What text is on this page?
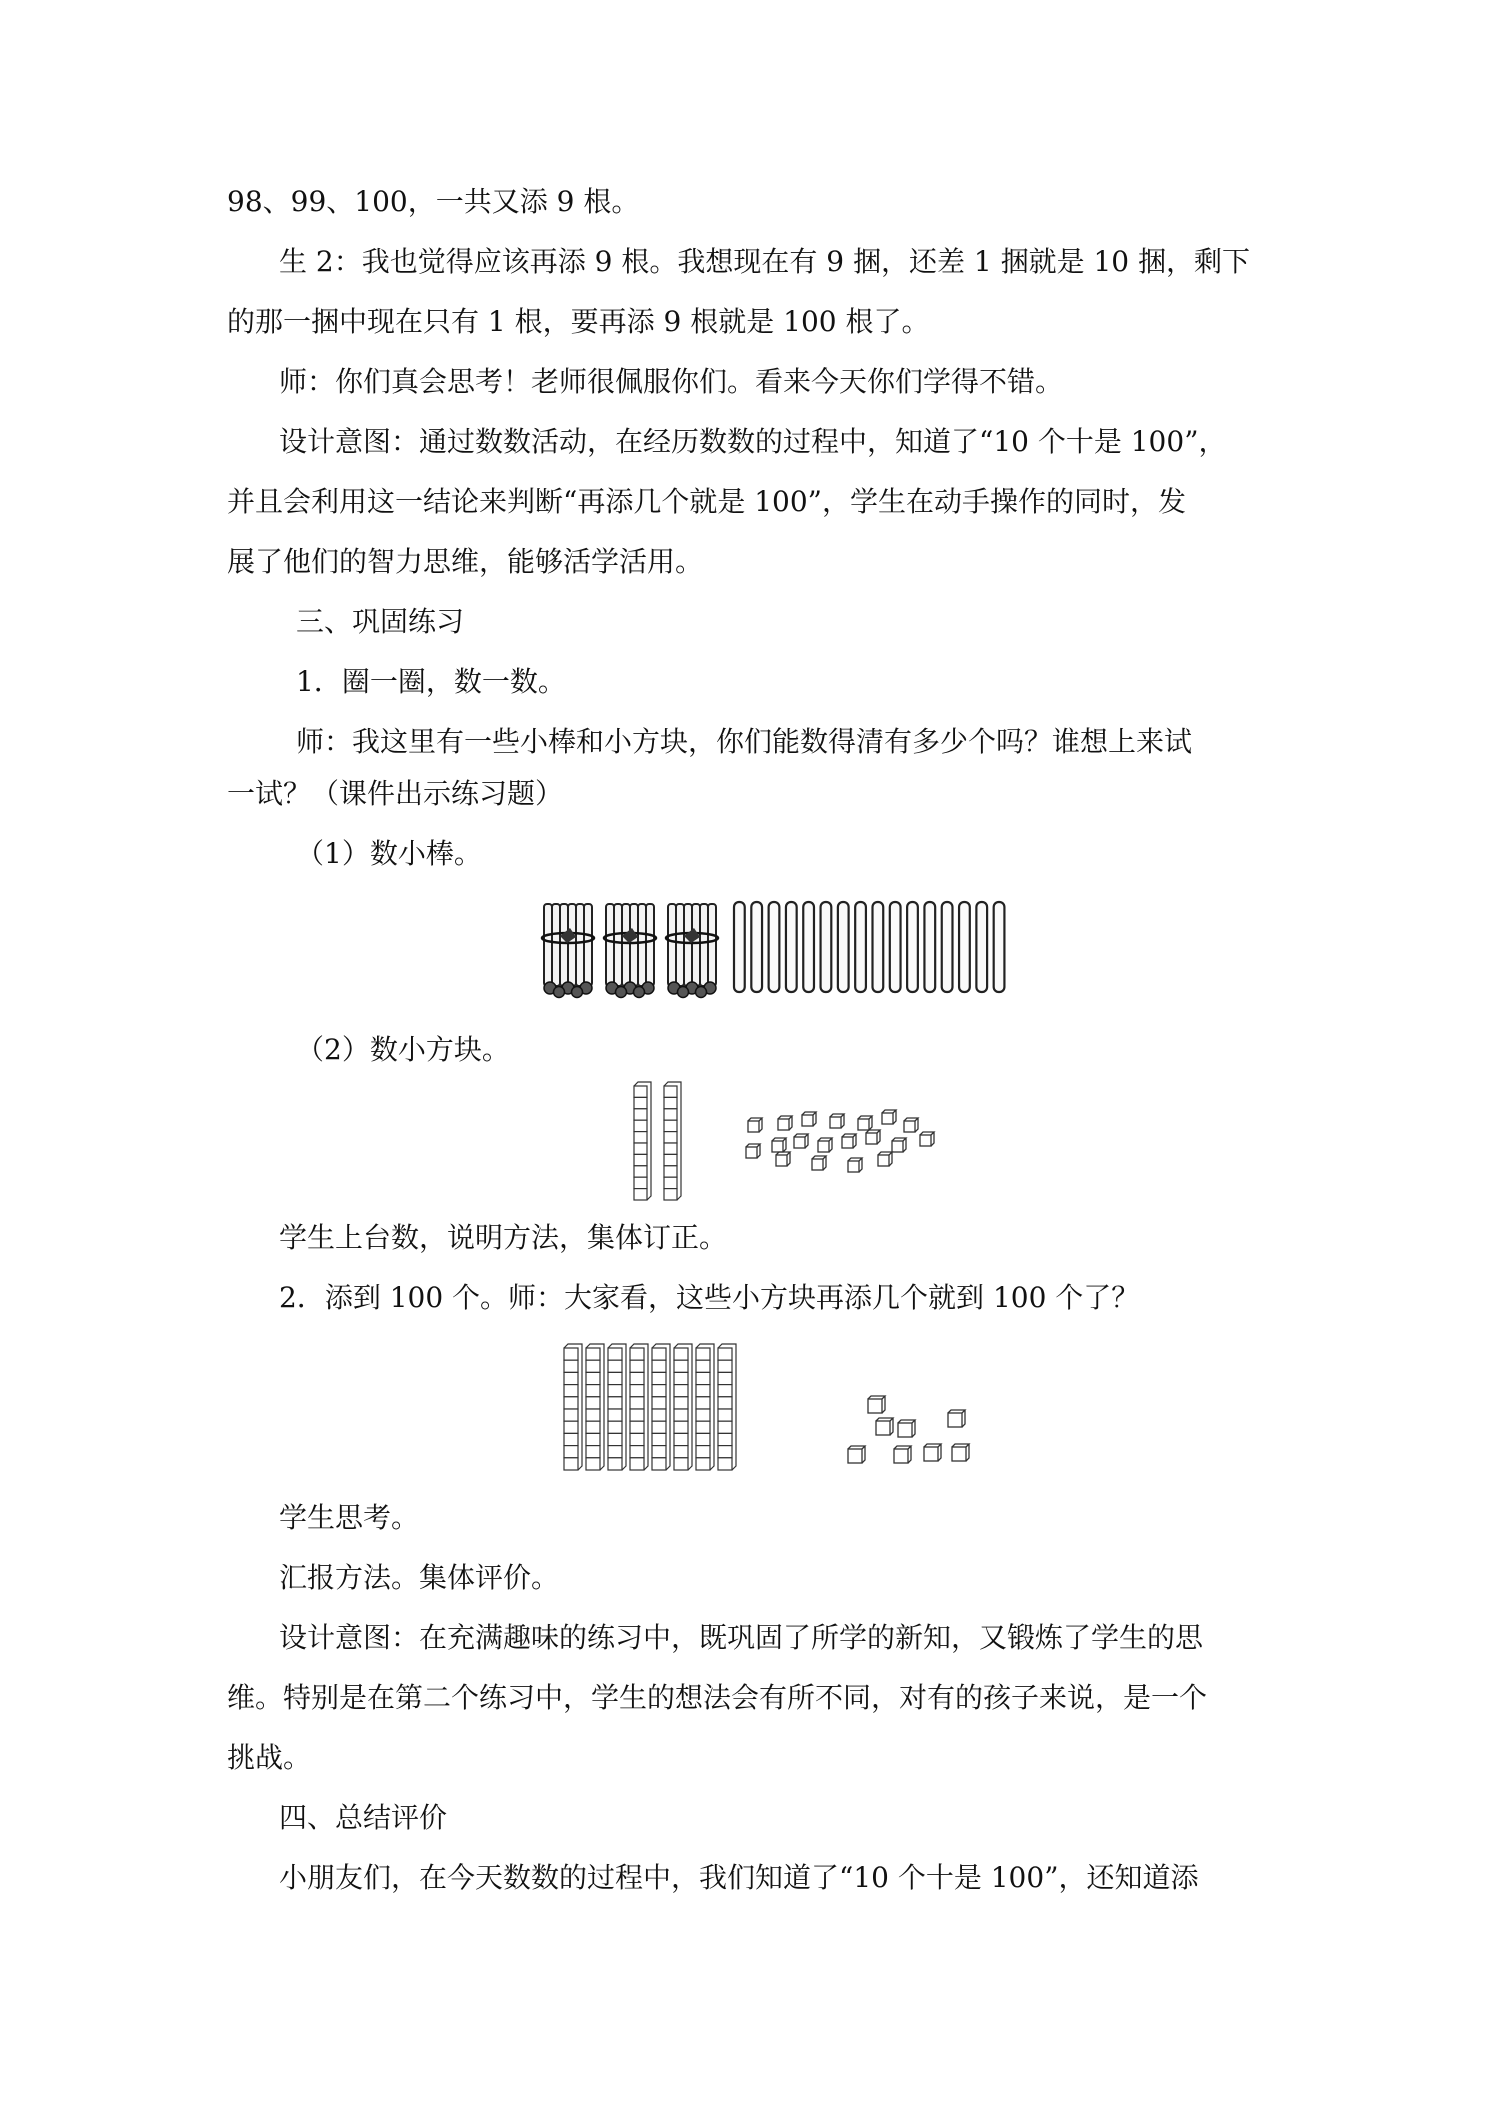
98、99、100，一共又添 9 根。

生 2：我也觉得应该再添 9 根。我想现在有 9 捆，还差 1 捆就是 10 捆，剩下

的那一捆中现在只有 1 根，要再添 9 根就是 100 根了。

师：你们真会思考！老师很佩服你们。看来今天你们学得不错。

设计意图：通过数数活动，在经历数数的过程中，知道了“10 个十是 100”，

并且会利用这一结论来判断“再添几个就是 100”，学生在动手操作的同时，发

展了他们的智力思维，能够活学活用。

三、巩固练习

1．圈一圈，数一数。

师：我这里有一些小棒和小方块，你们能数得清有多少个吗？谁想上来试

一试？（课件出示练习题）

（1）数小棒。

（2）数小方块。

学生上台数，说明方法，集体订正。

2．添到 100 个。师：大家看，这些小方块再添几个就到 100 个了？

学生思考。

汇报方法。集体评价。

设计意图：在充满趣味的练习中，既巩固了所学的新知，又锻炼了学生的思

维。特别是在第二个练习中，学生的想法会有所不同，对有的孩子来说，是一个

挑战。

四、总结评价

小朋友们，在今天数数的过程中，我们知道了“10 个十是 100”，还知道添
